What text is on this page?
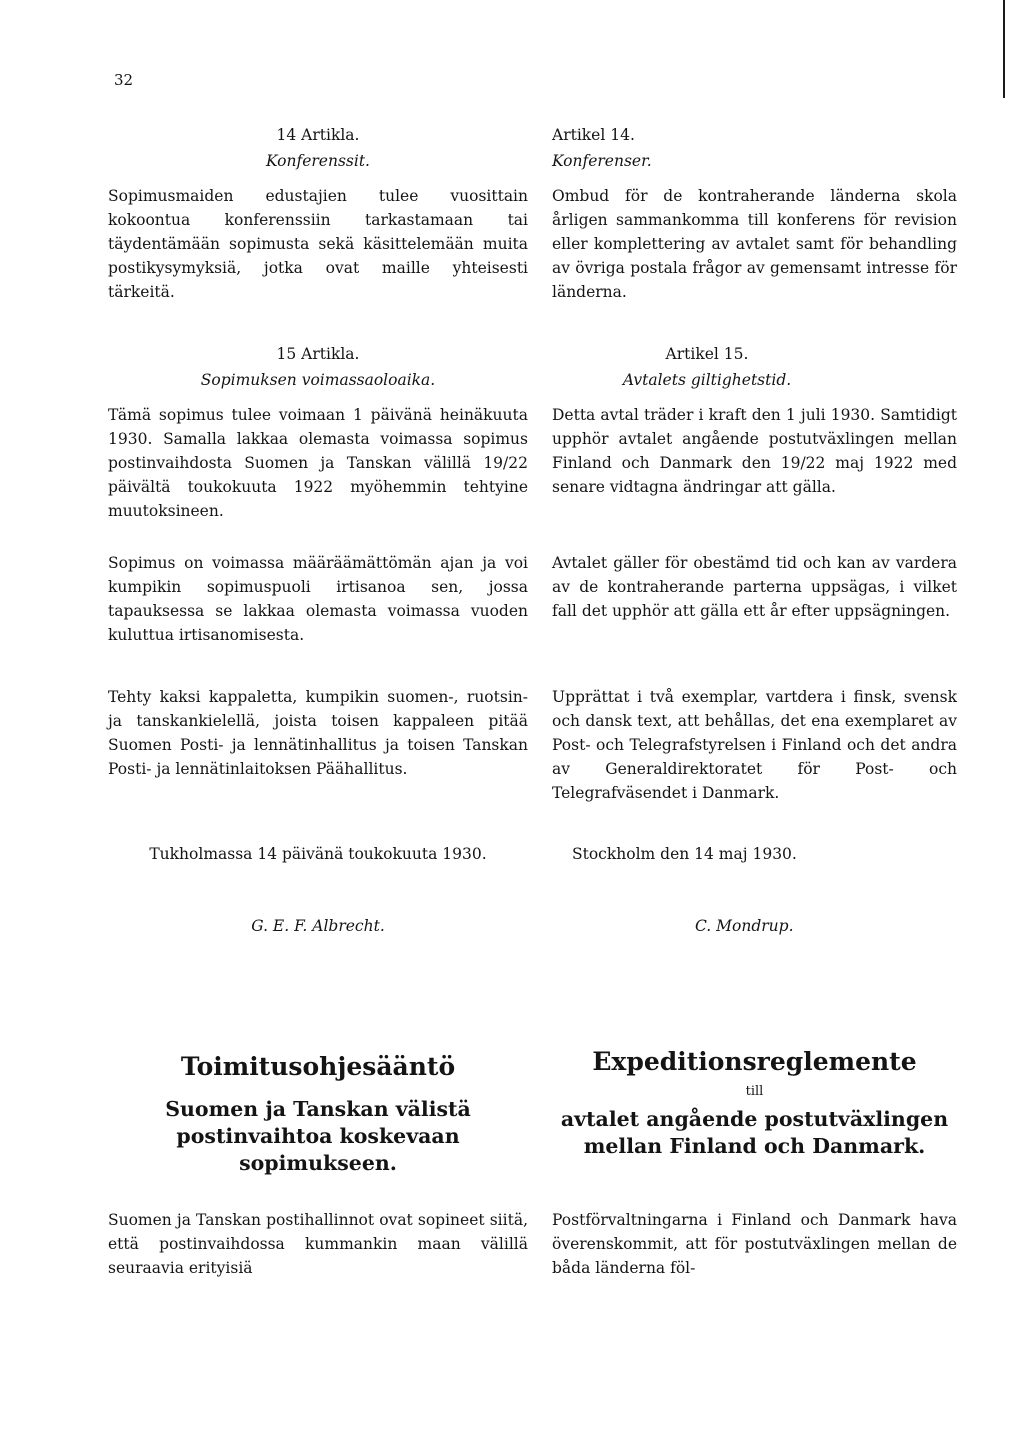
32
14 Artikla.
Konferenssit.

Sopimusmaiden edustajien tulee vuosittain kokoontua konferenssiin tarkastamaan tai täydentämään sopimusta sekä käsittelemään muita postikysymyksiä, jotka ovat maille yhteisesti tärkeitä.

15 Artikla.
Sopimuksen voimassaoloaika.

Tämä sopimus tulee voimaan 1 päivänä heinäkuuta 1930. Samalla lakkaa olemasta voimassa sopimus postinvaihdosta Suomen ja Tanskan välillä 19/22 päivältä toukokuuta 1922 myöhemmin tehtyine muutoksineen.

Sopimus on voimassa määräämättömän ajan ja voi kumpikin sopimuspuoli irtisanoa sen, jossa tapauksessa se lakkaa olemasta voimassa vuoden kuluttua irtisanomisesta.

Tehty kaksi kappaletta, kumpikin suomen-, ruotsin- ja tanskankielellä, joista toisen kappaleen pitää Suomen Posti- ja lennätinhallitus ja toisen Tanskan Posti- ja lennätinlaitoksen Päähallitus.

Tukholmassa 14 päivänä toukokuuta 1930.
G. E. F. Albrecht.
Toimitusohjesääntö
Suomen ja Tanskan välistä postinvaihtoa koskevaan sopimukseen.

Suomen ja Tanskan postihallinnot ovat sopineet siitä, että postinvaihdossa kummankin maan välillä seuraavia erityisiä

Artikel 14.
Konferenser.

Ombud för de kontraherande länderna skola årligen sammankomma till konferens för revision eller komplettering av avtalet samt för behandling av övriga postala frågor av gemensamt intresse för länderna.

Artikel 15.
Avtalets giltighetstid.

Detta avtal träder i kraft den 1 juli 1930. Samtidigt upphör avtalet angående postutväxlingen mellan Finland och Danmark den 19/22 maj 1922 med senare vidtagna ändringar att gälla.

Avtalet gäller för obestämd tid och kan av vardera av de kontraherande parterna uppsägas, i vilket fall det upphör att gälla ett år efter uppsägningen.

Upprättat i två exemplar, vartdera i finsk, svensk och dansk text, att behållas, det ena exemplaret av Post- och Telegrafstyrelsen i Finland och det andra av Generaldirektoratet för Post- och Telegrafväsendet i Danmark.

Stockholm den 14 maj 1930.
C. Mondrup.
Expeditionsreglemente
till
avtalet angående postutväxlingen mellan Finland och Danmark.

Postförvaltningarna i Finland och Danmark hava överenskommit, att för postutväxlingen mellan de båda länderna föl-
